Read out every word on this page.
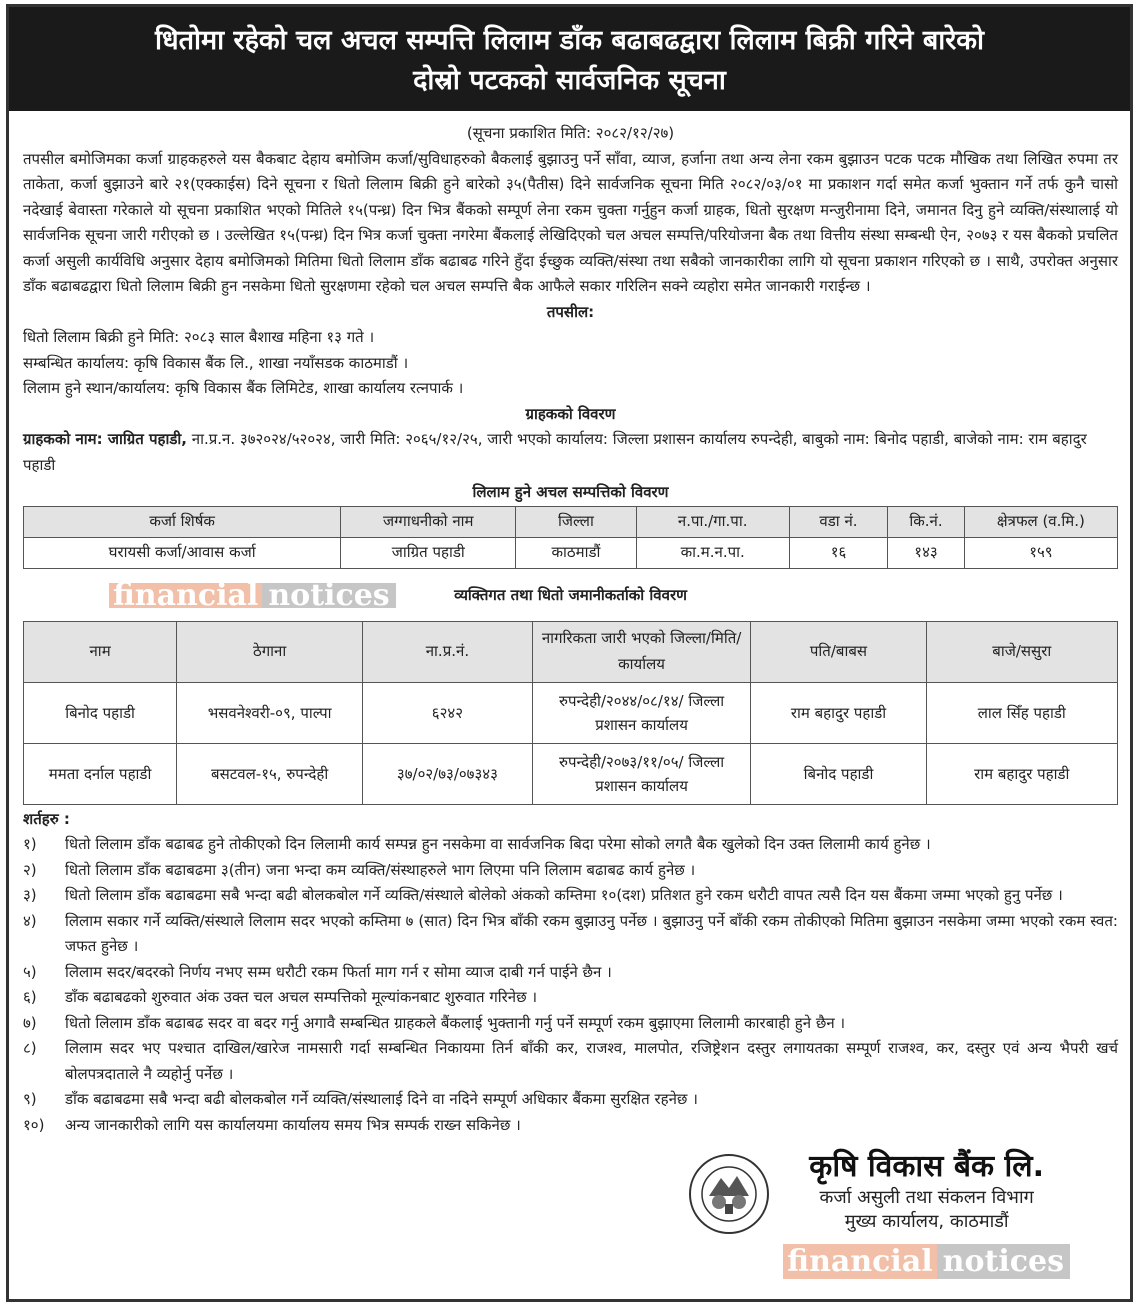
धितोमा रहेको चल अचल सम्पत्ति लिलाम डाँक बढाबढद्वारा लिलाम बिक्री गरिने बारेको
दोस्रो पटकको सार्वजनिक सूचना

(सूचना प्रकाशित मिति: २०८२/१२/२७)

तपसील बमोजिमका कर्जा ग्राहकहरुले यस बैकबाट देहाय बमोजिम कर्जा/सुविधाहरुको बैकलाई बुझाउनु पर्ने साँवा, व्याज, हर्जाना तथा अन्य लेना रकम बुझाउन पटक पटक मौखिक तथा लिखित रुपमा तर ताकेता, कर्जा बुझाउने बारे २१(एक्काईस) दिने सूचना र धितो लिलाम बिक्री हुने बारेको ३५(पैतीस) दिने सार्वजनिक सूचना मिति २०८२/०३/०१ मा प्रकाशन गर्दा समेत कर्जा भुक्तान गर्ने तर्फ कुनै चासो नदेखाई बेवास्ता गरेकाले यो सूचना प्रकाशित भएको मितिले १५(पन्ध्र) दिन भित्र बैंकको सम्पूर्ण लेना रकम चुक्ता गर्नुहुन कर्जा ग्राहक, धितो सुरक्षण मन्जुरीनामा दिने, जमानत दिनु हुने व्यक्ति/संस्थालाई यो सार्वजनिक सूचना जारी गरीएको छ । उल्लेखित १५(पन्ध्र) दिन भित्र कर्जा चुक्ता नगरेमा बैंकलाई लेखिदिएको चल अचल सम्पत्ति/परियोजना बैक तथा वित्तीय संस्था सम्बन्धी ऐन, २०७३ र यस बैकको प्रचलित कर्जा असुली कार्यविधि अनुसार देहाय बमोजिमको मितिमा धितो लिलाम डाँक बढाबढ गरिने हुँदा ईच्छुक व्यक्ति/संस्था तथा सबैको जानकारीका लागि यो सूचना प्रकाशन गरिएको छ । साथै, उपरोक्त अनुसार डाँक बढाबढद्वारा धितो लिलाम बिक्री हुन नसकेमा धितो सुरक्षणमा रहेको चल अचल सम्पत्ति बैक आफैले सकार गरिलिन सक्ने व्यहोरा समेत जानकारी गराईन्छ ।

तपसील:

धितो लिलाम बिक्री हुने मिति: २०८३ साल बैशाख महिना १३ गते ।

सम्बन्धित कार्यालय: कृषि विकास बैंक लि., शाखा नयाँसडक काठमाडौं ।

लिलाम हुने स्थान/कार्यालय: कृषि विकास बैंक लिमिटेड, शाखा कार्यालय रत्नपार्क ।

ग्राहकको विवरण

ग्राहकको नाम: जाग्रित पहाडी, ना.प्र.न. ३७२०२४/५२०२४, जारी मिति: २०६५/१२/२५, जारी भएको कार्यालय: जिल्ला प्रशासन कार्यालय रुपन्देही, बाबुको नाम: बिनोद पहाडी, बाजेको नाम: राम बहादुर पहाडी

लिलाम हुने अचल सम्पत्तिको विवरण

कर्जा शिर्षक	जग्गाधनीको नाम	जिल्ला	न.पा./गा.पा.	वडा नं.	कि.नं.	क्षेत्रफल (व.मि.)
घरायसी कर्जा/आवास कर्जा	जाग्रित पहाडी	काठमाडौं	का.म.न.पा.	१६	१४३	१५९
financial notices	व्यक्तिगत तथा धितो जमानीकर्ताको विवरण

नाम	ठेगाना	ना.प्र.नं.	नागरिकता जारी भएको जिल्ला/मिति/कार्यालय	पति/बाबस	बाजे/ससुरा
बिनोद पहाडी	भसवनेश्वरी-०९, पाल्पा	६२४२	रुपन्देही/२०४४/०८/१४/ जिल्ला प्रशासन कार्यालय	राम बहादुर पहाडी	लाल सिँह पहाडी
ममता दर्नाल पहाडी	बसटवल-१५, रुपन्देही	३७/०२/७३/०७३४३	रुपन्देही/२०७३/११/०५/ जिल्ला प्रशासन कार्यालय	बिनोद पहाडी	राम बहादुर पहाडी

शर्तहरु :

१)	धितो लिलाम डाँक बढाबढ हुने तोकीएको दिन लिलामी कार्य सम्पन्न हुन नसकेमा वा सार्वजनिक बिदा परेमा सोको लगतै बैक खुलेको दिन उक्त लिलामी कार्य हुनेछ ।
२)	धितो लिलाम डाँक बढाबढमा ३(तीन) जना भन्दा कम व्यक्ति/संस्थाहरुले भाग लिएमा पनि लिलाम बढाबढ कार्य हुनेछ ।
३)	धितो लिलाम डाँक बढाबढमा सबै भन्दा बढी बोलकबोल गर्ने व्यक्ति/संस्थाले बोलेको अंकको कम्तिमा १०(दश) प्रतिशत हुने रकम धरौटी वापत त्यसै दिन यस बैंकमा जम्मा भएको हुनु पर्नेछ ।
४)	लिलाम सकार गर्ने व्यक्ति/संस्थाले लिलाम सदर भएको कम्तिमा ७ (सात) दिन भित्र बाँकी रकम बुझाउनु पर्नेछ । बुझाउनु पर्ने बाँकी रकम तोकीएको मितिमा बुझाउन नसकेमा जम्मा भएको रकम स्वत: जफत हुनेछ ।
५)	लिलाम सदर/बदरको निर्णय नभए सम्म धरौटी रकम फिर्ता माग गर्न र सोमा व्याज दाबी गर्न पाईने छैन ।
६)	डाँक बढाबढको शुरुवात अंक उक्त चल अचल सम्पत्तिको मूल्यांकनबाट शुरुवात गरिनेछ ।
७)	धितो लिलाम डाँक बढाबढ सदर वा बदर गर्नु अगावै सम्बन्धित ग्राहकले बैंकलाई भुक्तानी गर्नु पर्ने सम्पूर्ण रकम बुझाएमा लिलामी कारबाही हुने छैन ।
८)	लिलाम सदर भए पश्चात दाखिल/खारेज नामसारी गर्दा सम्बन्धित निकायमा तिर्न बाँकी कर, राजश्व, मालपोत, रजिष्ट्रेशन दस्तुर लगायतका सम्पूर्ण राजश्व, कर, दस्तुर एवं अन्य भैपरी खर्च बोलपत्रदाताले नै व्यहोर्नु पर्नेछ ।
९)	डाँक बढाबढमा सबै भन्दा बढी बोलकबोल गर्ने व्यक्ति/संस्थालाई दिने वा नदिने सम्पूर्ण अधिकार बैंकमा सुरक्षित रहनेछ ।
१०)	अन्य जानकारीको लागि यस कार्यालयमा कार्यालय समय भित्र सम्पर्क राख्न सकिनेछ ।
कृषि विकास बैंक लि.
कर्जा असुली तथा संकलन विभाग
मुख्य कार्यालय, काठमाडौं
financial notices
